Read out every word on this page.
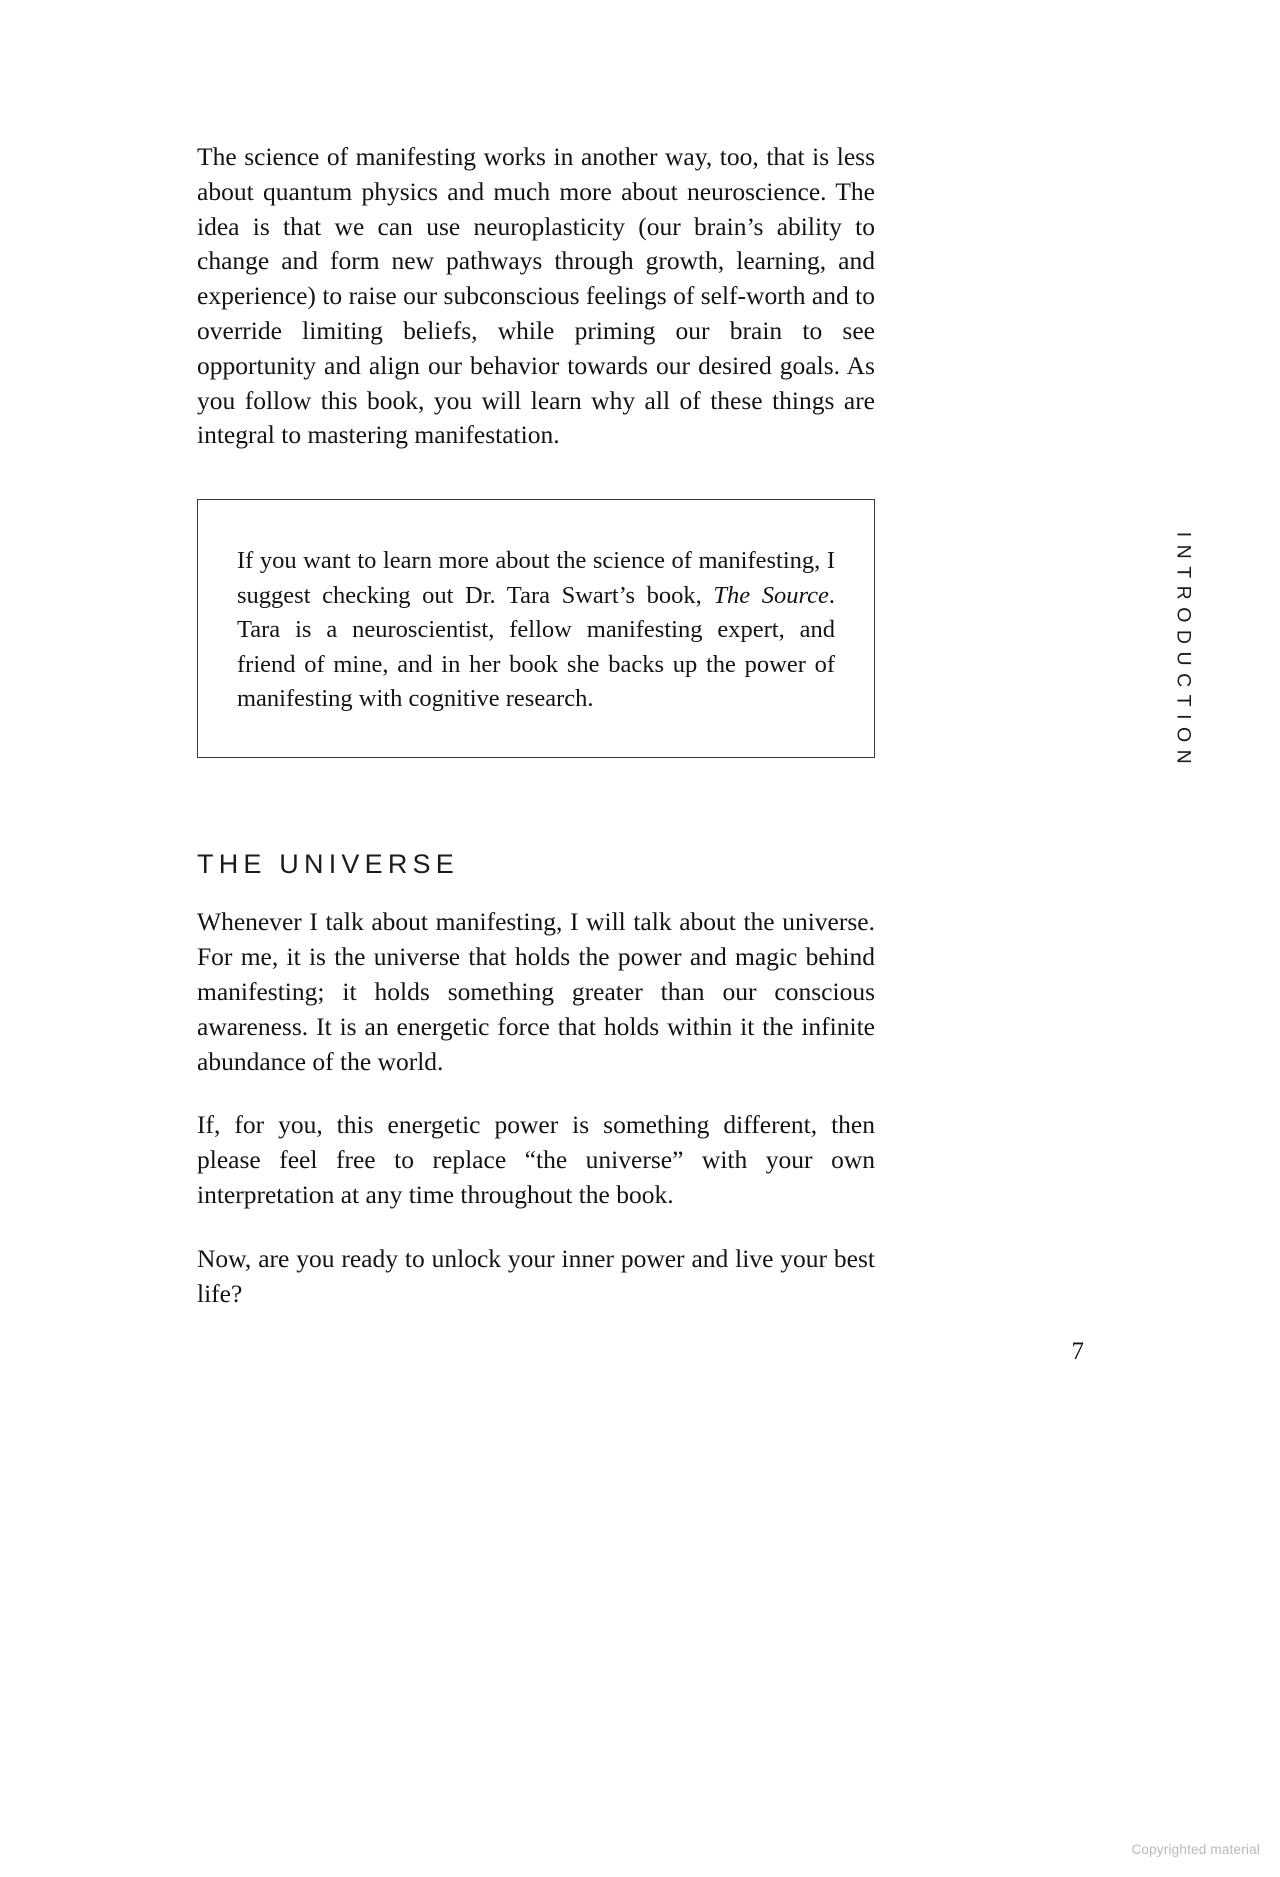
The science of manifesting works in another way, too, that is less about quantum physics and much more about neuroscience. The idea is that we can use neuroplasticity (our brain’s ability to change and form new pathways through growth, learning, and experience) to raise our subconscious feelings of self-worth and to override limiting beliefs, while priming our brain to see opportunity and align our behavior towards our desired goals. As you follow this book, you will learn why all of these things are integral to mastering manifestation.

If you want to learn more about the science of manifesting, I suggest checking out Dr. Tara Swart’s book, The Source. Tara is a neuroscientist, fellow manifesting expert, and friend of mine, and in her book she backs up the power of manifesting with cognitive research.

THE UNIVERSE

Whenever I talk about manifesting, I will talk about the universe. For me, it is the universe that holds the power and magic behind manifesting; it holds something greater than our conscious awareness. It is an energetic force that holds within it the infinite abundance of the world.

If, for you, this energetic power is something different, then please feel free to replace “the universe” with your own interpretation at any time throughout the book.

Now, are you ready to unlock your inner power and live your best life?

INTRODUCTION
7
Copyrighted material
